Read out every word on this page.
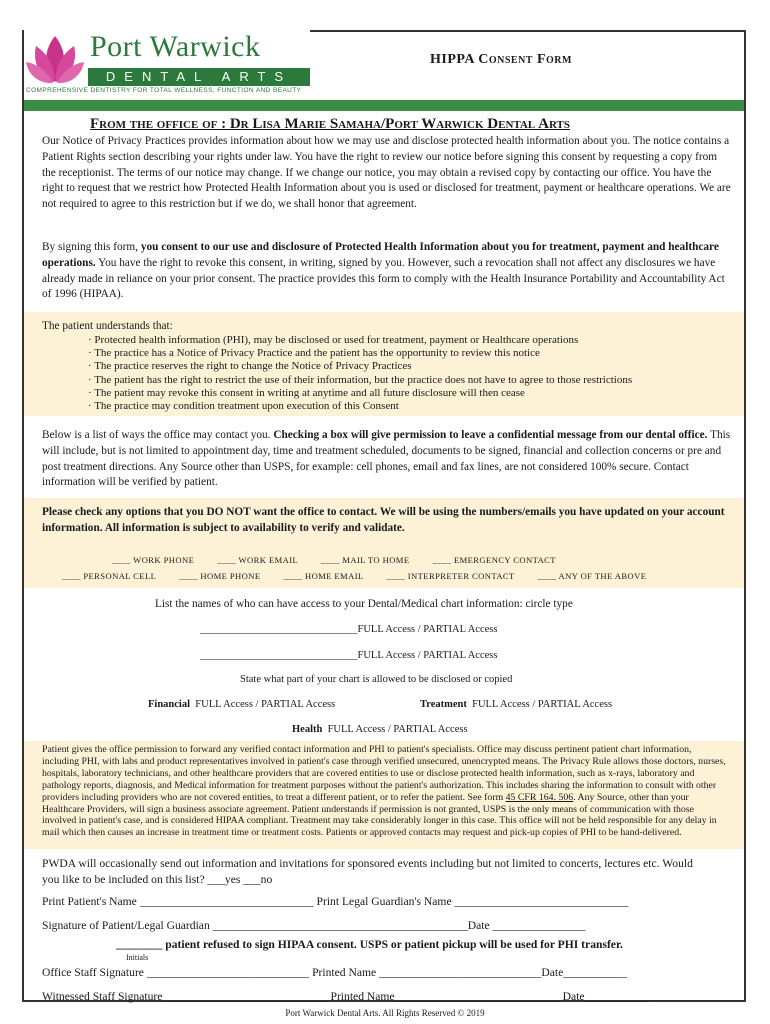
Port Warwick
DENTAL ARTS
COMPREHENSIVE DENTISTRY FOR TOTAL WELLNESS, FUNCTION AND BEAUTY
HIPPA Consent Form
From the office of : Dr Lisa Marie Samaha/Port Warwick Dental Arts
Our Notice of Privacy Practices provides information about how we may use and disclose protected health information about you. The notice contains a Patient Rights section describing your rights under law. You have the right to review our notice before signing this consent by requesting a copy from the receptionist. The terms of our notice may change. If we change our notice, you may obtain a revised copy by contacting our office. You have the right to request that we restrict how Protected Health Information about you is used or disclosed for treatment, payment or healthcare operations. We are not required to agree to this restriction but if we do, we shall honor that agreement.
By signing this form, you consent to our use and disclosure of Protected Health Information about you for treatment, payment and healthcare operations. You have the right to revoke this consent, in writing, signed by you. However, such a revocation shall not affect any disclosures we have already made in reliance on your prior consent. The practice provides this form to comply with the Health Insurance Portability and Accountability Act of 1996 (HIPAA).
The patient understands that:
· Protected health information (PHI), may be disclosed or used for treatment, payment or Healthcare operations
· The practice has a Notice of Privacy Practice and the patient has the opportunity to review this notice
· The practice reserves the right to change the Notice of Privacy Practices
· The patient has the right to restrict the use of their information, but the practice does not have to agree to those restrictions
· The patient may revoke this consent in writing at anytime and all future disclosure will then cease
· The practice may condition treatment upon execution of this Consent
Below is a list of ways the office may contact you. Checking a box will give permission to leave a confidential message from our dental office. This will include, but is not limited to appointment day, time and treatment scheduled, documents to be signed, financial and collection concerns or pre and post treatment directions. Any Source other than USPS, for example: cell phones, email and fax lines, are not considered 100% secure. Contact information will be verified by patient.
Please check any options that you DO NOT want the office to contact. We will be using the numbers/emails you have updated on your account information. All information is subject to availability to verify and validate.
____ WORK PHONE	____ WORK EMAIL	____ MAIL TO HOME	____ EMERGENCY CONTACT
____ PERSONAL CELL	____ HOME PHONE	____ HOME EMAIL	____ INTERPRETER CONTACT	____ ANY OF THE ABOVE
List the names of who can have access to your Dental/Medical chart information: circle type
______________________________FULL Access / PARTIAL Access
______________________________FULL Access / PARTIAL Access
State what part of your chart is allowed to be disclosed or copied
Financial FULL Access / PARTIAL Access	Treatment FULL Access / PARTIAL Access
Health FULL Access / PARTIAL Access
Patient gives the office permission to forward any verified contact information and PHI to patient's specialists. Office may discuss pertinent patient chart information, including PHI, with labs and product representatives involved in patient's case through verified unsecured, unencrypted means. The Privacy Rule allows those doctors, nurses, hospitals, laboratory technicians, and other healthcare providers that are covered entities to use or disclose protected health information, such as x-rays, laboratory and pathology reports, diagnosis, and Medical information for treatment purposes without the patient's authorization. This includes sharing the information to consult with other providers including providers who are not covered entities, to treat a different patient, or to refer the patient. See form 45 CFR 164. 506. Any Source, other than your Healthcare Providers, will sign a business associate agreement. Patient understands if permission is not granted, USPS is the only means of communication with those involved in patient's case, and is considered HIPAA compliant. Treatment may take considerably longer in this case. This office will not be held responsible for any delay in mail which then causes an increase in treatment time or treatment costs. Patients or approved contacts may request and pick-up copies of PHI to be hand-delivered.
PWDA will occasionally send out information and invitations for sponsored events including but not limited to concerts, lectures etc. Would you like to be included on this list? ___yes ___no
Print Patient's Name ______________________________ Print Legal Guardian's Name ______________________________
Signature of Patient/Legal Guardian ____________________________________________Date ________________
________ patient refused to sign HIPAA consent. USPS or patient pickup will be used for PHI transfer.
Initials
Office Staff Signature ____________________________ Printed Name ____________________________Date___________
Witnessed Staff Signature ____________________________ Printed Name ____________________________ Date___________
Port Warwick Dental Arts. All Rights Reserved © 2019
